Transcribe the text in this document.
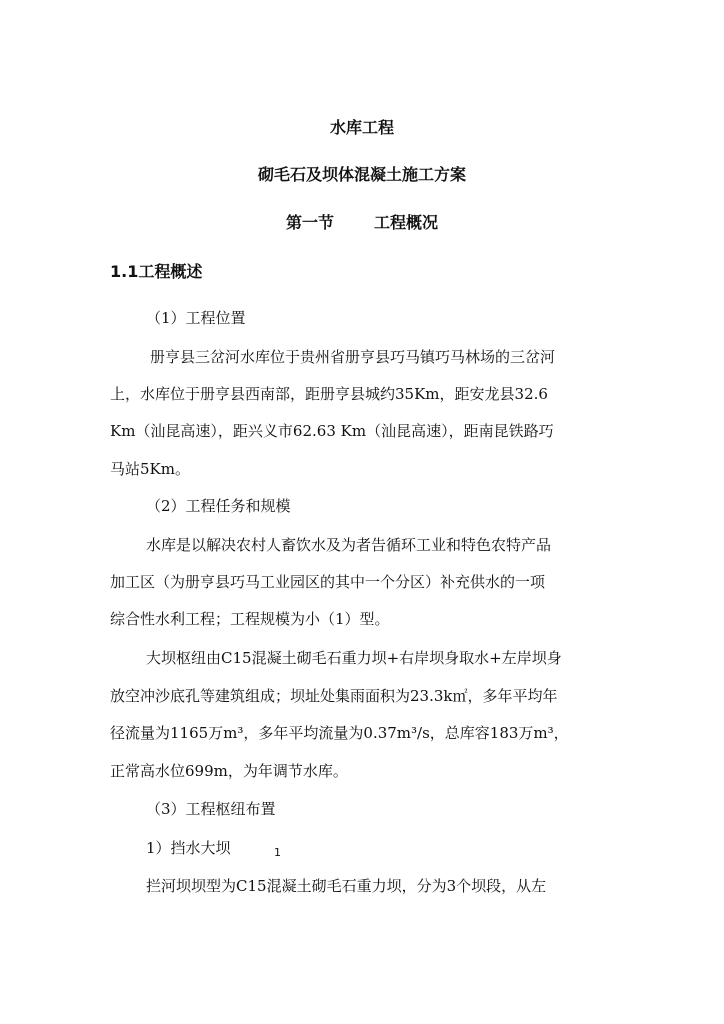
水库工程
砌毛石及坝体混凝土施工方案
第一节	工程概况
1.1工程概述
（1）工程位置
册亨县三岔河水库位于贵州省册亨县巧马镇巧马林场的三岔河
上，水库位于册亨县西南部，距册亨县城约35Km，距安龙县32.6
Km（汕昆高速），距兴义市62.63 Km（汕昆高速），距南昆铁路巧
马站5Km。
（2）工程任务和规模
水库是以解决农村人畜饮水及为者告循环工业和特色农特产品
加工区（为册亨县巧马工业园区的其中一个分区）补充供水的一项
综合性水利工程；工程规模为小（1）型。
大坝枢纽由C15混凝土砌毛石重力坝+右岸坝身取水+左岸坝身
放空冲沙底孔等建筑组成；坝址处集雨面积为23.3k㎡，多年平均年
径流量为1165万m³，多年平均流量为0.37m³/s，总库容183万m³，
正常高水位699m，为年调节水库。
（3）工程枢纽布置
1）挡水大坝
拦河坝坝型为C15混凝土砌毛石重力坝，分为3个坝段，从左
1
